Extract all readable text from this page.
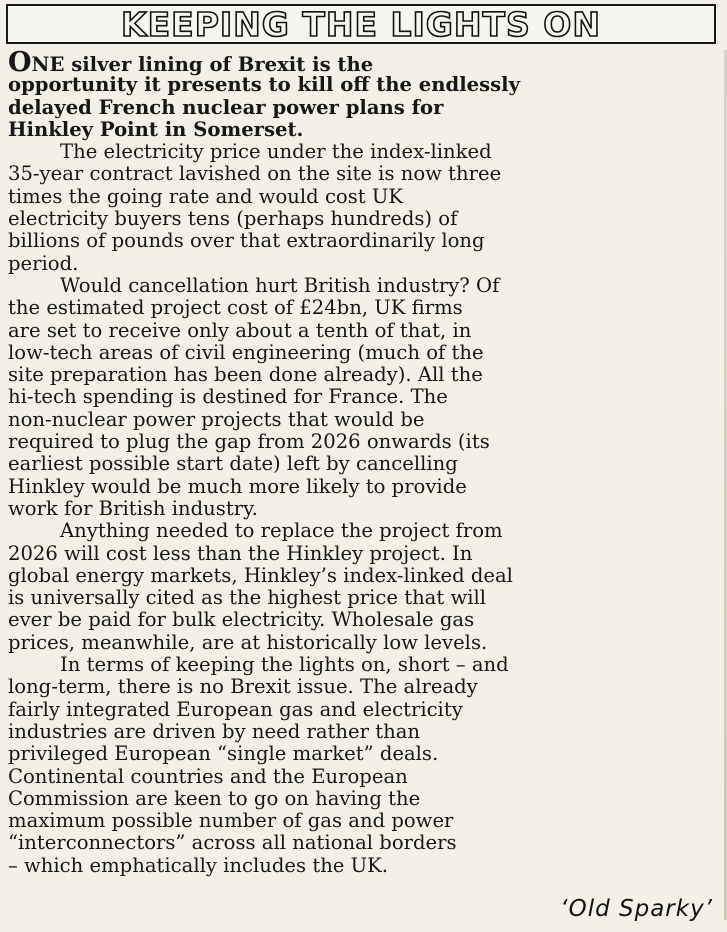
KEEPING THE LIGHTS ON
ONE silver lining of Brexit is the
opportunity it presents to kill off the endlessly
delayed French nuclear power plans for
Hinkley Point in Somerset.
The electricity price under the index-linked
35-year contract lavished on the site is now three
times the going rate and would cost UK
electricity buyers tens (perhaps hundreds) of
billions of pounds over that extraordinarily long
period.
Would cancellation hurt British industry? Of
the estimated project cost of £24bn, UK firms
are set to receive only about a tenth of that, in
low-tech areas of civil engineering (much of the
site preparation has been done already). All the
hi-tech spending is destined for France. The
non-nuclear power projects that would be
required to plug the gap from 2026 onwards (its
earliest possible start date) left by cancelling
Hinkley would be much more likely to provide
work for British industry.
Anything needed to replace the project from
2026 will cost less than the Hinkley project. In
global energy markets, Hinkley’s index-linked deal
is universally cited as the highest price that will
ever be paid for bulk electricity. Wholesale gas
prices, meanwhile, are at historically low levels.
In terms of keeping the lights on, short – and
long-term, there is no Brexit issue. The already
fairly integrated European gas and electricity
industries are driven by need rather than
privileged European “single market” deals.
Continental countries and the European
Commission are keen to go on having the
maximum possible number of gas and power
“interconnectors” across all national borders
– which emphatically includes the UK.
‘Old Sparky’
